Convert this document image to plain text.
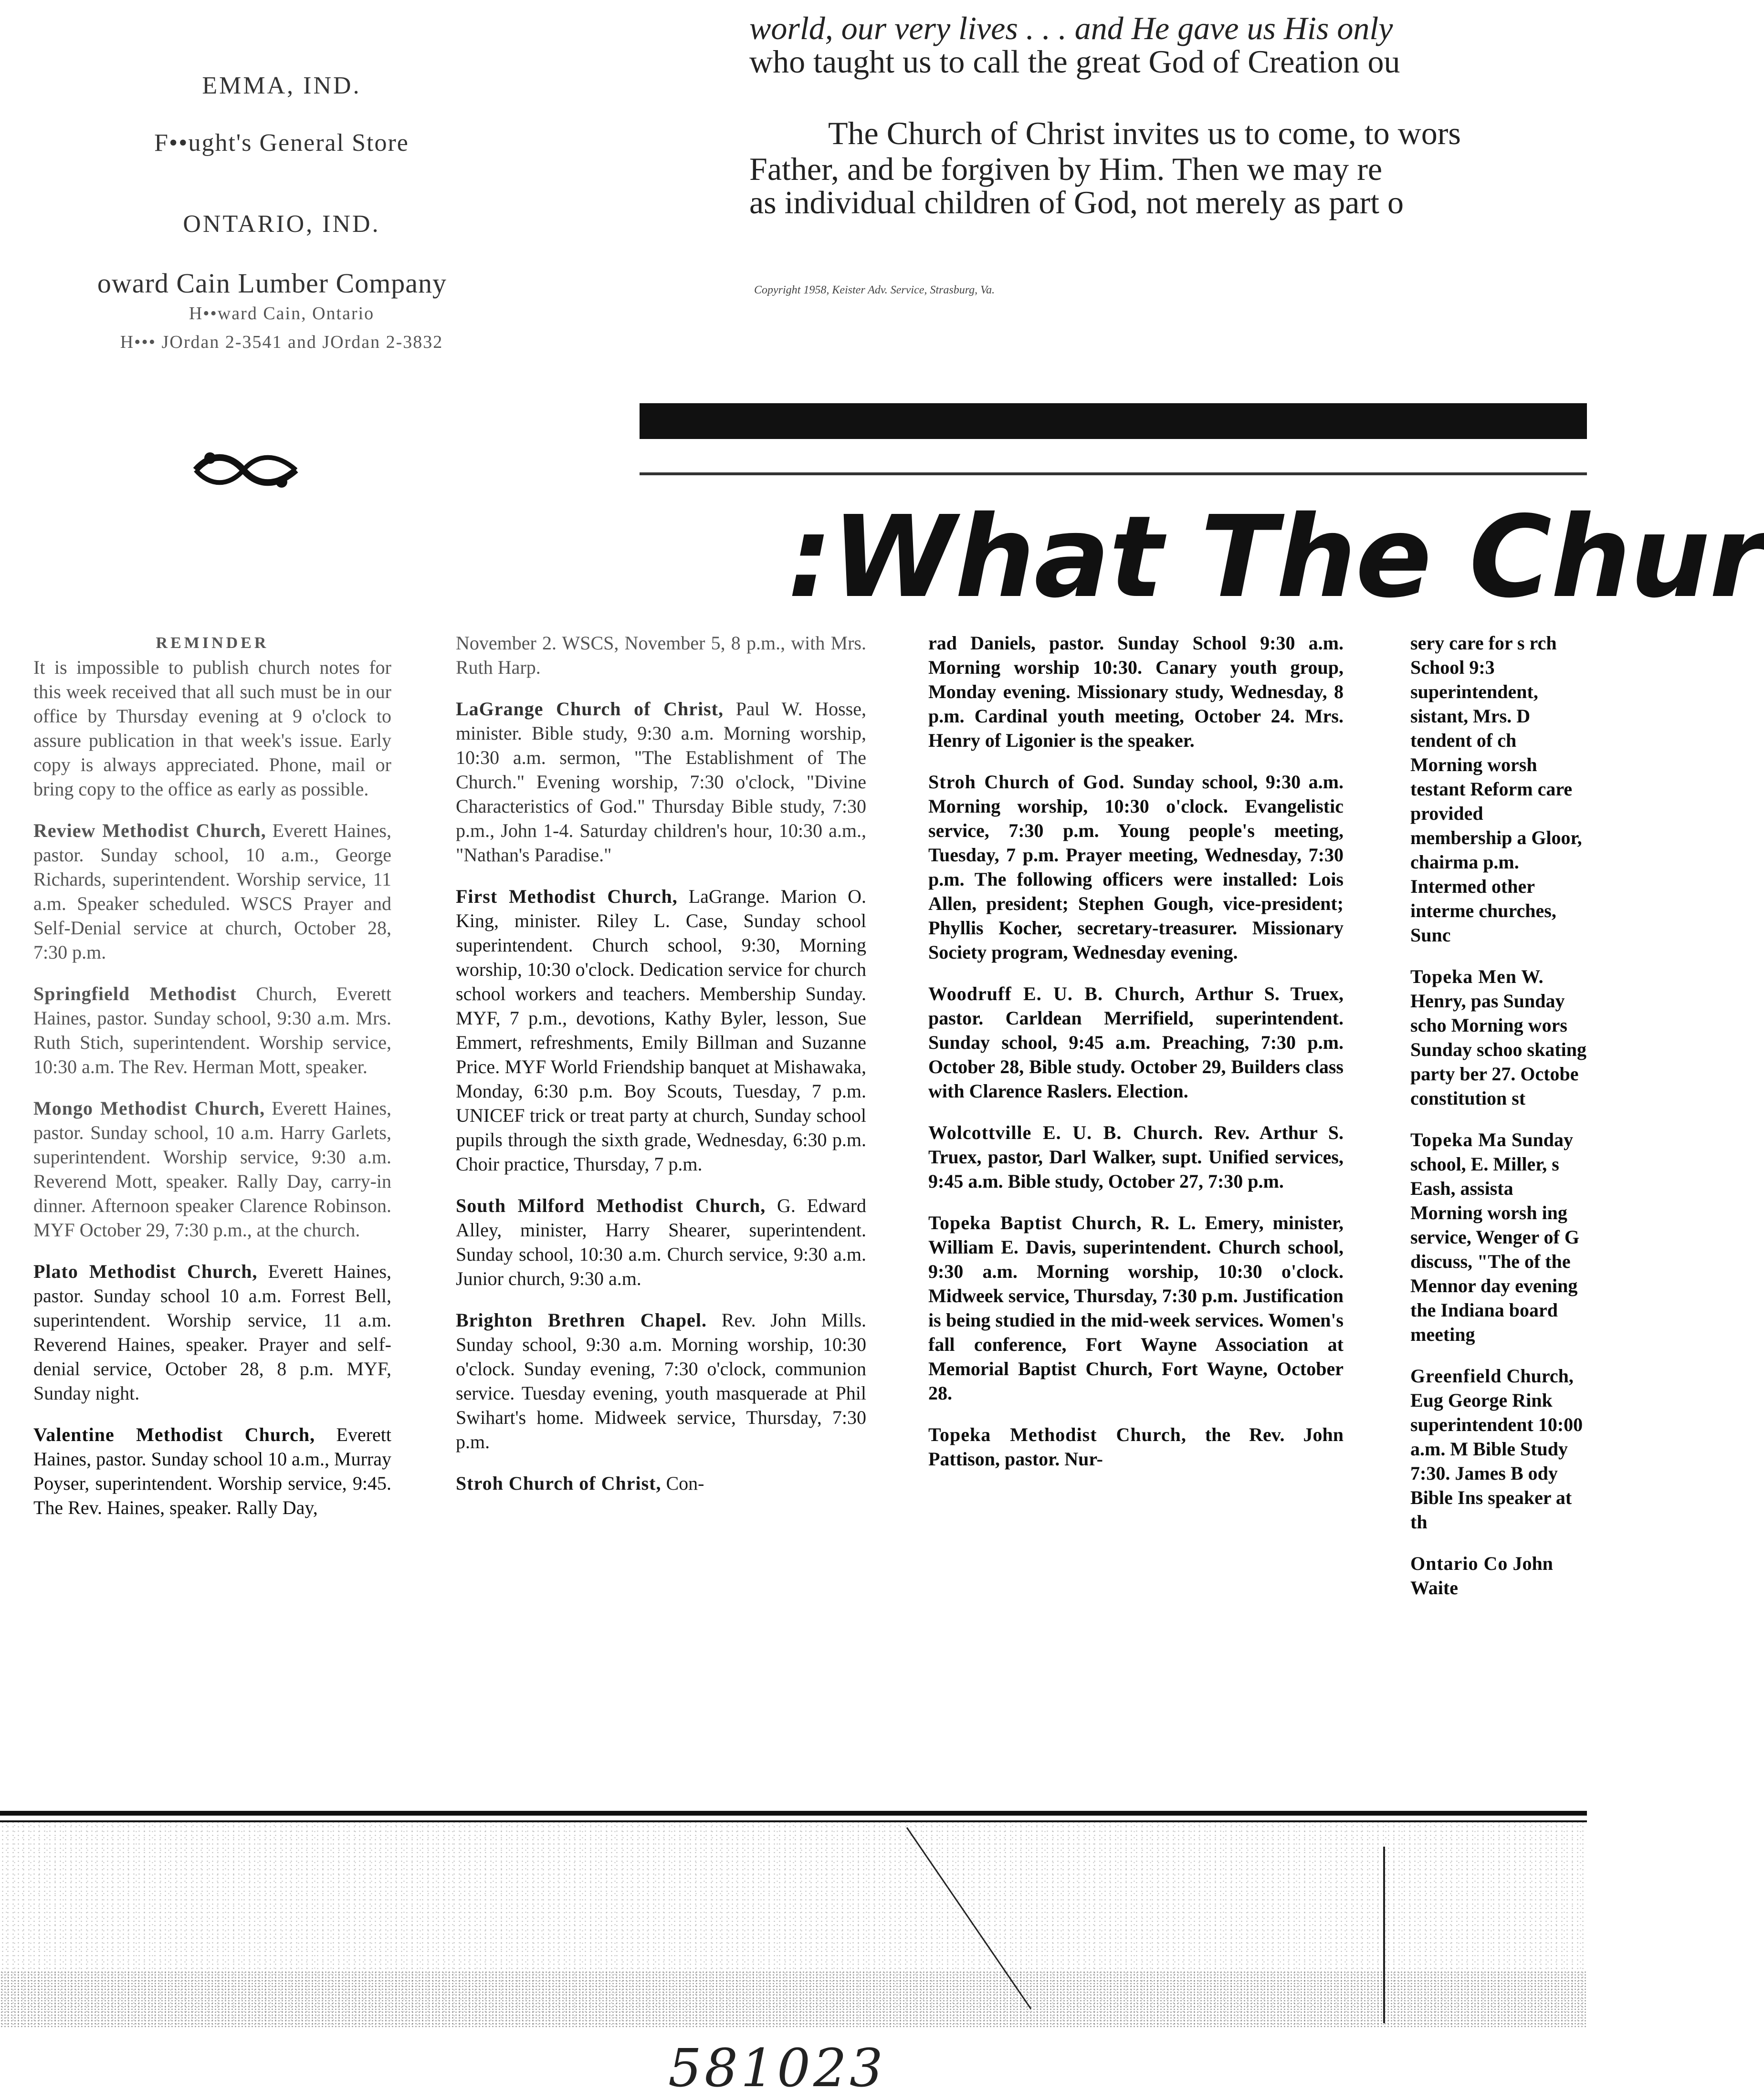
EMMA, IND.
F••ught's General Store
ONTARIO, IND.
oward Cain Lumber Company
H••ward Cain, Ontario
H••• JOrdan 2-3541 and JOrdan 2-3832
world, our very lives . . . and He gave us His only
who taught us to call the great God of Creation ou
The Church of Christ invites us to come, to wors
Father, and be forgiven by Him. Then we may re
as individual children of God, not merely as part o
Copyright 1958, Keister Adv. Service, Strasburg, Va.
:What The Chur
REMINDER
It is impossible to publish church notes for this week received that all such must be in our office by Thursday evening at 9 o'clock to assure publication in that week's issue. Early copy is always appreciated. Phone, mail or bring copy to the office as early as possible.
Review Methodist Church, Everett Haines, pastor. Sunday school, 10 a.m., George Richards, superintendent. Worship service, 11 a.m. Speaker scheduled. WSCS Prayer and Self-Denial service at church, October 28, 7:30 p.m.
Springfield Methodist Church, Everett Haines, pastor. Sunday school, 9:30 a.m. Mrs. Ruth Stich, superintendent. Worship service, 10:30 a.m. The Rev. Herman Mott, speaker.
Mongo Methodist Church, Everett Haines, pastor. Sunday school, 10 a.m. Harry Garlets, superintendent. Worship service, 9:30 a.m. Reverend Mott, speaker. Rally Day, carry-in dinner. Afternoon speaker Clarence Robinson. MYF October 29, 7:30 p.m., at the church.
Plato Methodist Church, Everett Haines, pastor. Sunday school 10 a.m. Forrest Bell, superintendent. Worship service, 11 a.m. Reverend Haines, speaker. Prayer and self-denial service, October 28, 8 p.m. MYF, Sunday night.
Valentine Methodist Church, Everett Haines, pastor. Sunday school 10 a.m., Murray Poyser, superintendent. Worship service, 9:45. The Rev. Haines, speaker. Rally Day,
November 2. WSCS, November 5, 8 p.m., with Mrs. Ruth Harp.
LaGrange Church of Christ, Paul W. Hosse, minister. Bible study, 9:30 a.m. Morning worship, 10:30 a.m. sermon, "The Establishment of The Church." Evening worship, 7:30 o'clock, "Divine Characteristics of God." Thursday Bible study, 7:30 p.m., John 1-4. Saturday children's hour, 10:30 a.m., "Nathan's Paradise."
First Methodist Church, LaGrange. Marion O. King, minister. Riley L. Case, Sunday school superintendent. Church school, 9:30, Morning worship, 10:30 o'clock. Dedication service for church school workers and teachers. Membership Sunday. MYF, 7 p.m., devotions, Kathy Byler, lesson, Sue Emmert, refreshments, Emily Billman and Suzanne Price. MYF World Friendship banquet at Mishawaka, Monday, 6:30 p.m. Boy Scouts, Tuesday, 7 p.m. UNICEF trick or treat party at church, Sunday school pupils through the sixth grade, Wednesday, 6:30 p.m. Choir practice, Thursday, 7 p.m.
South Milford Methodist Church, G. Edward Alley, minister, Harry Shearer, superintendent. Sunday school, 10:30 a.m. Church service, 9:30 a.m. Junior church, 9:30 a.m.
Brighton Brethren Chapel. Rev. John Mills. Sunday school, 9:30 a.m. Morning worship, 10:30 o'clock. Sunday evening, 7:30 o'clock, communion service. Tuesday evening, youth masquerade at Phil Swihart's home. Midweek service, Thursday, 7:30 p.m.
Stroh Church of Christ, Con-
rad Daniels, pastor. Sunday School 9:30 a.m. Morning worship 10:30. Canary youth group, Monday evening. Missionary study, Wednesday, 8 p.m. Cardinal youth meeting, October 24. Mrs. Henry of Ligonier is the speaker.
Stroh Church of God. Sunday school, 9:30 a.m. Morning worship, 10:30 o'clock. Evangelistic service, 7:30 p.m. Young people's meeting, Tuesday, 7 p.m. Prayer meeting, Wednesday, 7:30 p.m. The following officers were installed: Lois Allen, president; Stephen Gough, vice-president; Phyllis Kocher, secretary-treasurer. Missionary Society program, Wednesday evening.
Woodruff E. U. B. Church, Arthur S. Truex, pastor. Carldean Merrifield, superintendent. Sunday school, 9:45 a.m. Preaching, 7:30 p.m. October 28, Bible study. October 29, Builders class with Clarence Raslers. Election.
Wolcottville E. U. B. Church. Rev. Arthur S. Truex, pastor, Darl Walker, supt. Unified services, 9:45 a.m. Bible study, October 27, 7:30 p.m.
Topeka Baptist Church, R. L. Emery, minister, William E. Davis, superintendent. Church school, 9:30 a.m. Morning worship, 10:30 o'clock. Midweek service, Thursday, 7:30 p.m. Justification is being studied in the mid-week services. Women's fall conference, Fort Wayne Association at Memorial Baptist Church, Fort Wayne, October 28.
Topeka Methodist Church, the Rev. John Pattison, pastor. Nur-
sery care for s rch School 9:3 superintendent, sistant, Mrs. D tendent of ch Morning worsh testant Reform care provided membership a Gloor, chairma p.m. Intermed other interme churches, Sunc
Topeka Men W. Henry, pas Sunday scho Morning wors Sunday schoo skating party ber 27. Octobe constitution st
Topeka Ma Sunday school, E. Miller, s Eash, assista Morning worsh ing service, Wenger of G discuss, "The of the Mennor day evening the Indiana board meeting
Greenfield Church, Eug George Rink superintendent 10:00 a.m. M Bible Study 7:30. James B ody Bible Ins speaker at th
Ontario Co John Waite
581023
